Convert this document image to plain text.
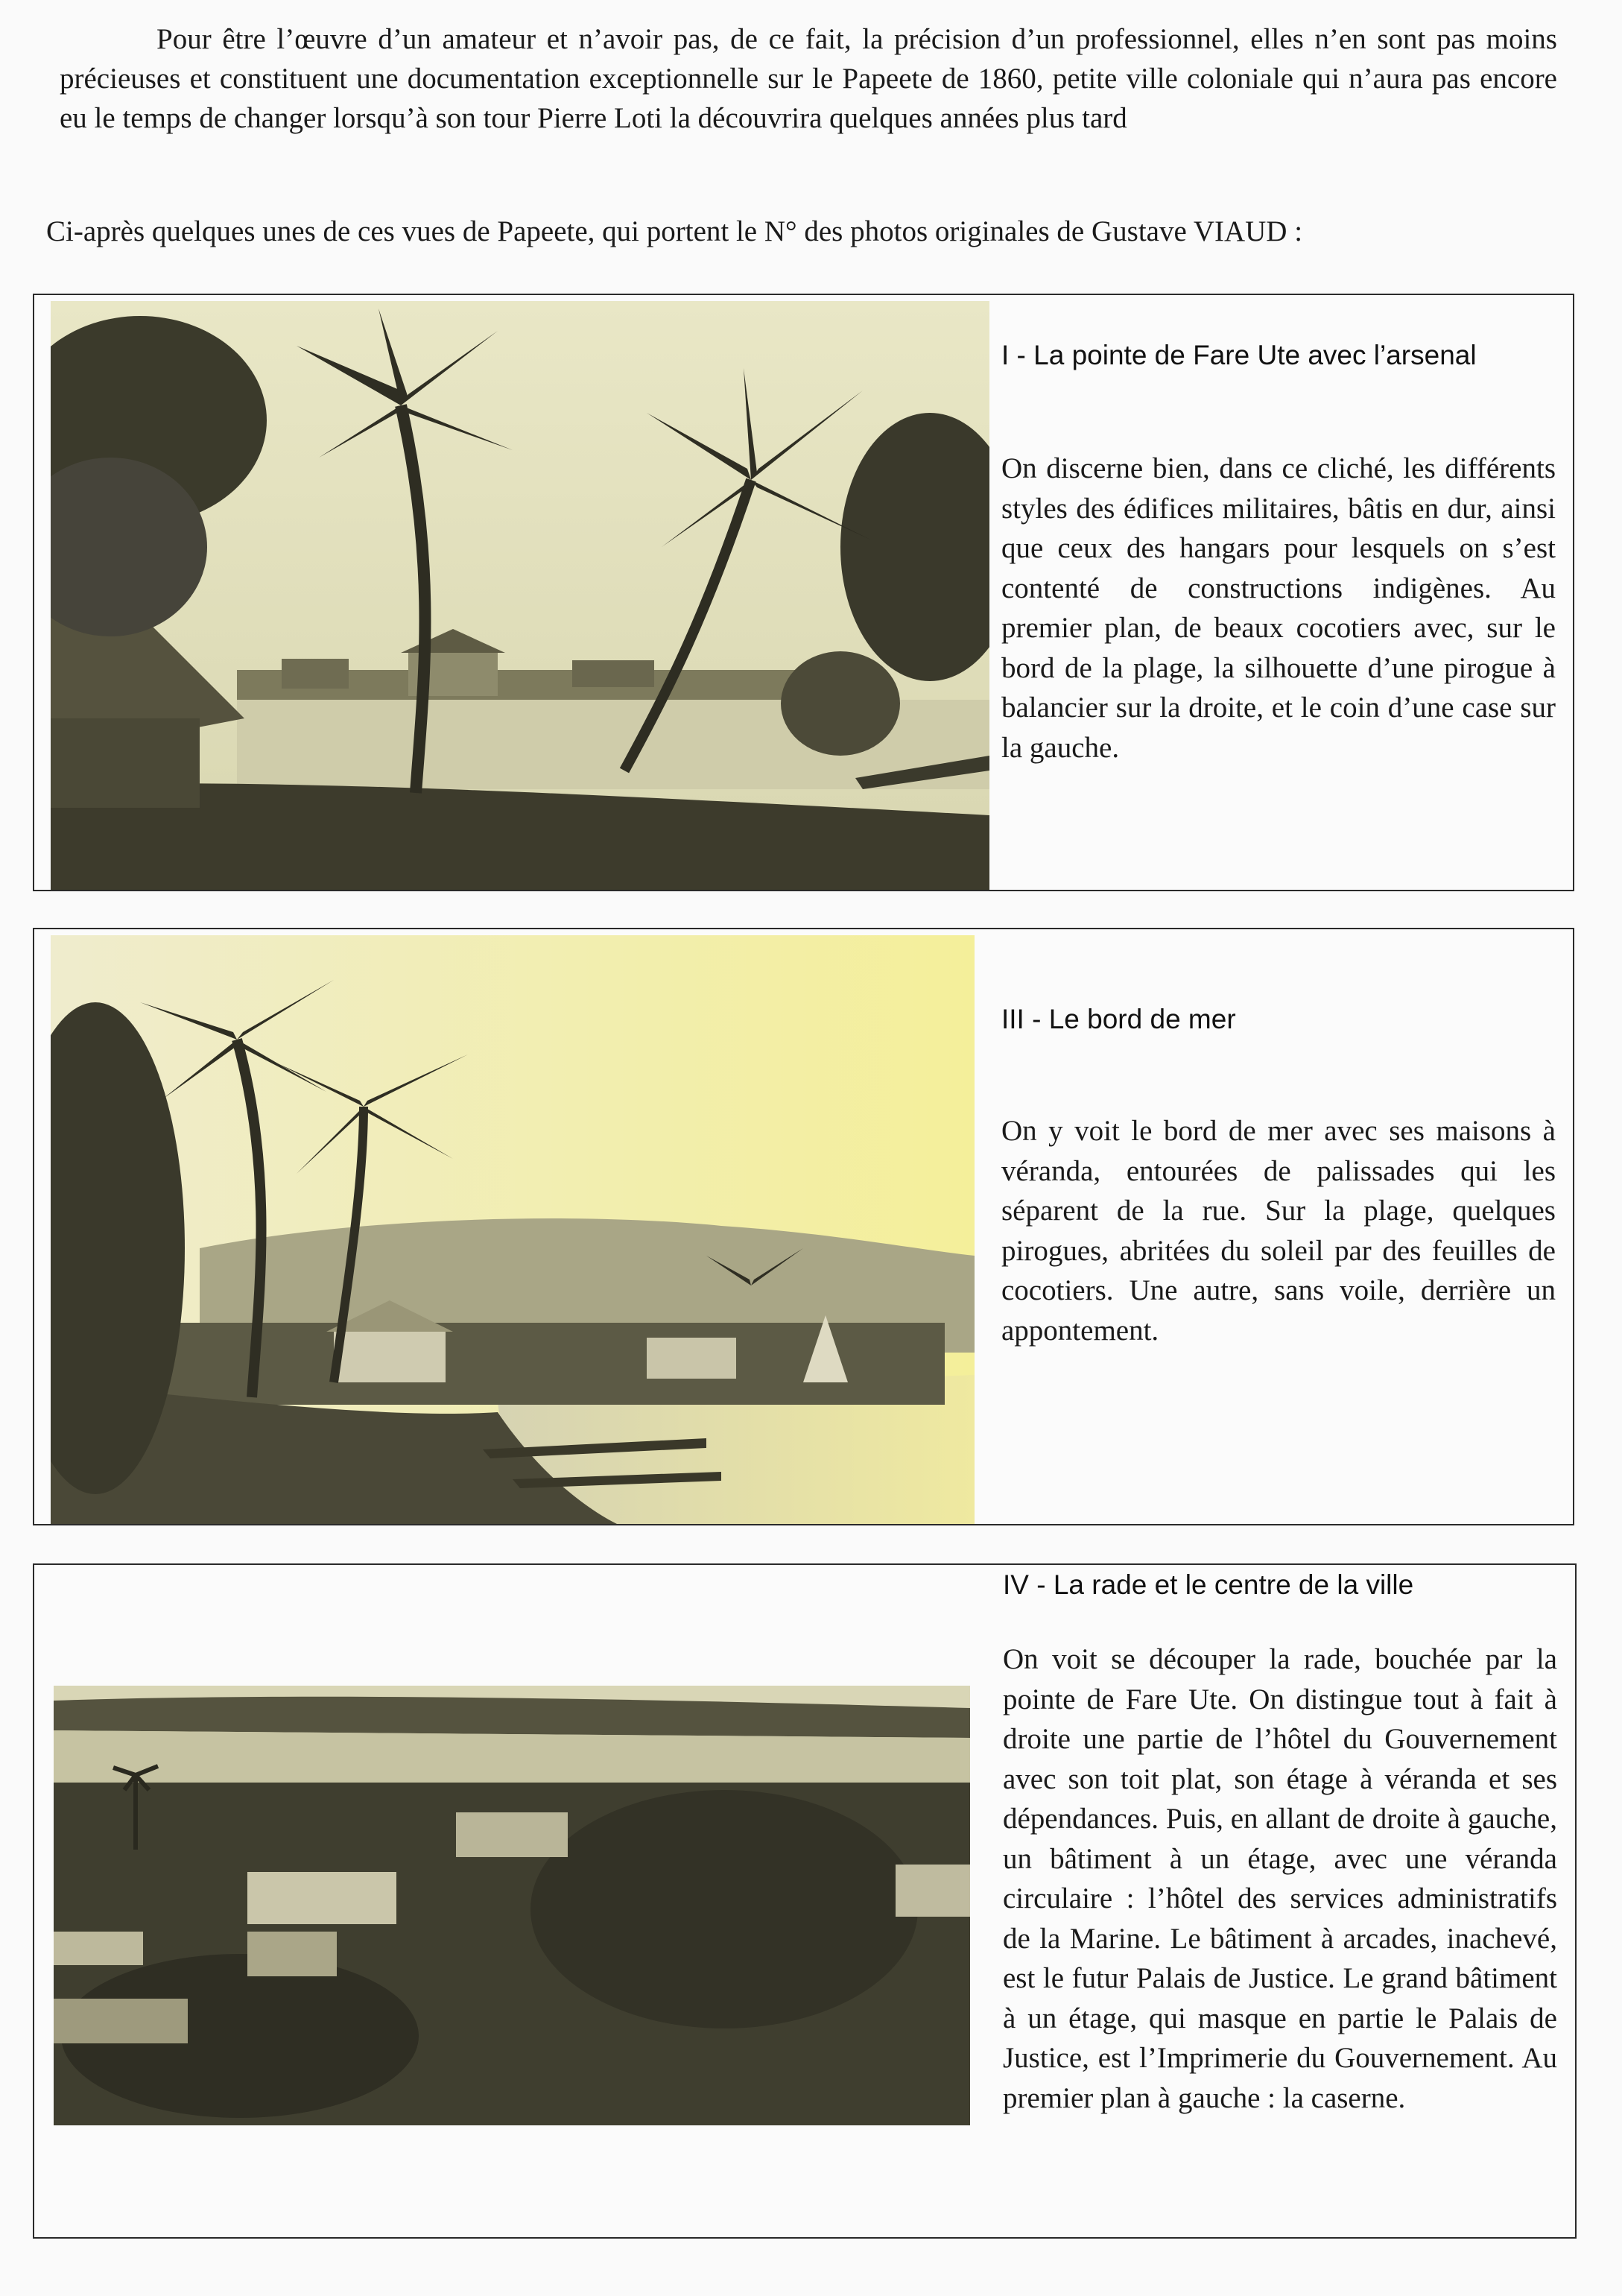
Pour être l’œuvre d’un amateur et n’avoir pas, de ce fait, la précision d’un professionnel, elles n’en sont pas moins précieuses et constituent une documentation exceptionnelle sur le Papeete de 1860, petite ville coloniale qui n’aura pas encore eu le temps de changer lorsqu’à son tour Pierre Loti la découvrira quelques années plus tard

Ci-après quelques unes de ces vues de Papeete, qui portent le N° des photos originales de Gustave VIAUD :
I - La pointe de Fare Ute avec l’arsenal
On discerne bien, dans ce cliché, les différents styles des édifices militaires, bâtis en dur, ainsi que ceux des hangars pour lesquels on s’est contenté de constructions indigènes. Au premier plan, de beaux cocotiers avec, sur le bord de la plage, la silhouette d’une pirogue à balancier sur la droite, et le coin d’une case sur la gauche.
III - Le bord de mer
On y voit le bord de mer avec ses maisons à véranda, entourées de palissades qui les séparent de la rue. Sur la plage, quelques pirogues, abritées du soleil par des feuilles de cocotiers. Une autre, sans voile, derrière un appontement.
IV - La rade et le centre de la ville
On voit se découper la rade, bouchée par la pointe de Fare Ute. On distingue tout à fait à droite une partie de l’hôtel du Gouvernement avec son toit plat, son étage à véranda et ses dépendances. Puis, en allant de droite à gauche, un bâtiment à un étage, avec une véranda circulaire : l’hôtel des services administratifs de la Marine. Le bâtiment à arcades, inachevé, est le futur Palais de Justice. Le grand bâtiment à un étage, qui masque en partie le Palais de Justice, est l’Imprimerie du Gouvernement. Au premier plan à gauche : la caserne.
